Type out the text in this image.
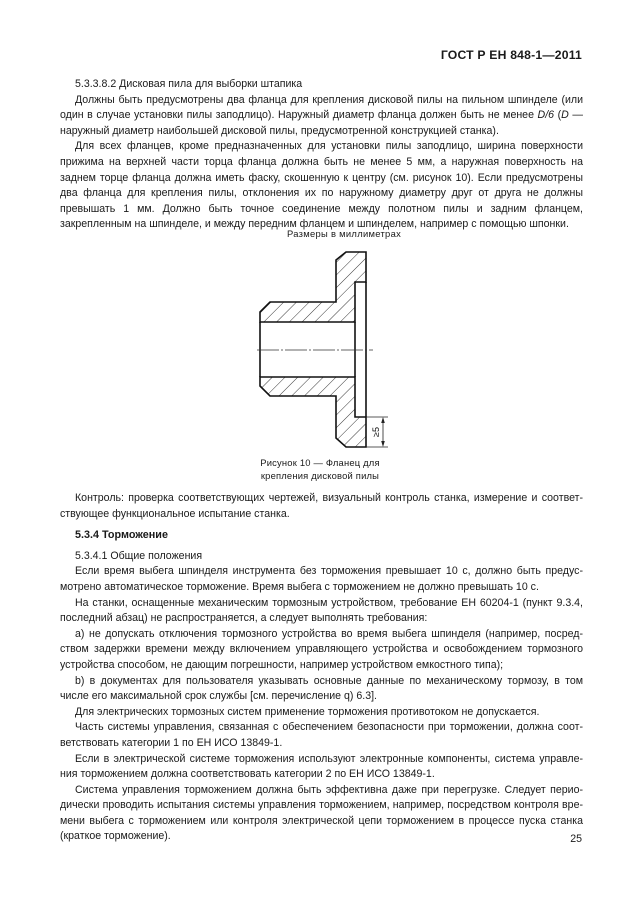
ГОСТ Р ЕН 848-1—2011

5.3.3.8.2 Дисковая пила для выборки штапика

Должны быть предусмотрены два фланца для крепления дисковой пилы на пильном шпинделе (или

один в случае установки пилы заподлицо). Наружный диаметр фланца должен быть не менее D/6 (D —

наружный диаметр наибольшей дисковой пилы, предусмотренной конструкцией станка).

Для всех фланцев, кроме предназначенных для установки пилы заподлицо, ширина поверхности прижима на верхней части торца фланца должна быть не менее 5 мм, а наружная поверхность на заднем торце фланца должна иметь фаску, скошенную к центру (см. рисунок 10). Если предусмотрены два фланца для крепления пилы, отклонения их по наружному диаметру друг от друга не должны превышать 1 мм. Должно быть точное соединение между полотном пилы и задним фланцем, закрепленным на шпинделе, и между передним фланцем и шпинделем, например с помощью шпонки.

Размеры в миллиметрах
≥5
Рисунок 10 — Фланец для
крепления дисковой пилы

Контроль: проверка соответствующих чертежей, визуальный контроль станка, измерение и соответствующее функциональное испытание станка.

5.3.4 Торможение

5.3.4.1 Общие положения

Если время выбега шпинделя инструмента без торможения превышает 10 с, должно быть предусмотрено автоматическое торможение. Время выбега с торможением не должно превышать 10 с.

На станки, оснащенные механическим тормозным устройством, требование ЕН 60204-1 (пункт 9.3.4, последний абзац) не распространяется, а следует выполнять требования:

a) не допускать отключения тормозного устройства во время выбега шпинделя (например, посредством задержки времени между включением управляющего устройства и освобождением тормозного устройства способом, не дающим погрешности, например устройством емкостного типа);

b) в документах для пользователя указывать основные данные по механическому тормозу, в том числе его максимальной срок службы [см. перечисление q) 6.3].

Для электрических тормозных систем применение торможения противотоком не допускается.

Часть системы управления, связанная с обеспечением безопасности при торможении, должна соответствовать категории 1 по ЕН ИСО 13849-1.

Если в электрической системе торможения используют электронные компоненты, система управления торможением должна соответствовать категории 2 по ЕН ИСО 13849-1.

Система управления торможением должна быть эффективна даже при перегрузке. Следует периодически проводить испытания системы управления торможением, например, посредством контроля времени выбега с торможением или контроля электрической цепи торможением в процессе пуска станка (краткое торможение).	25
